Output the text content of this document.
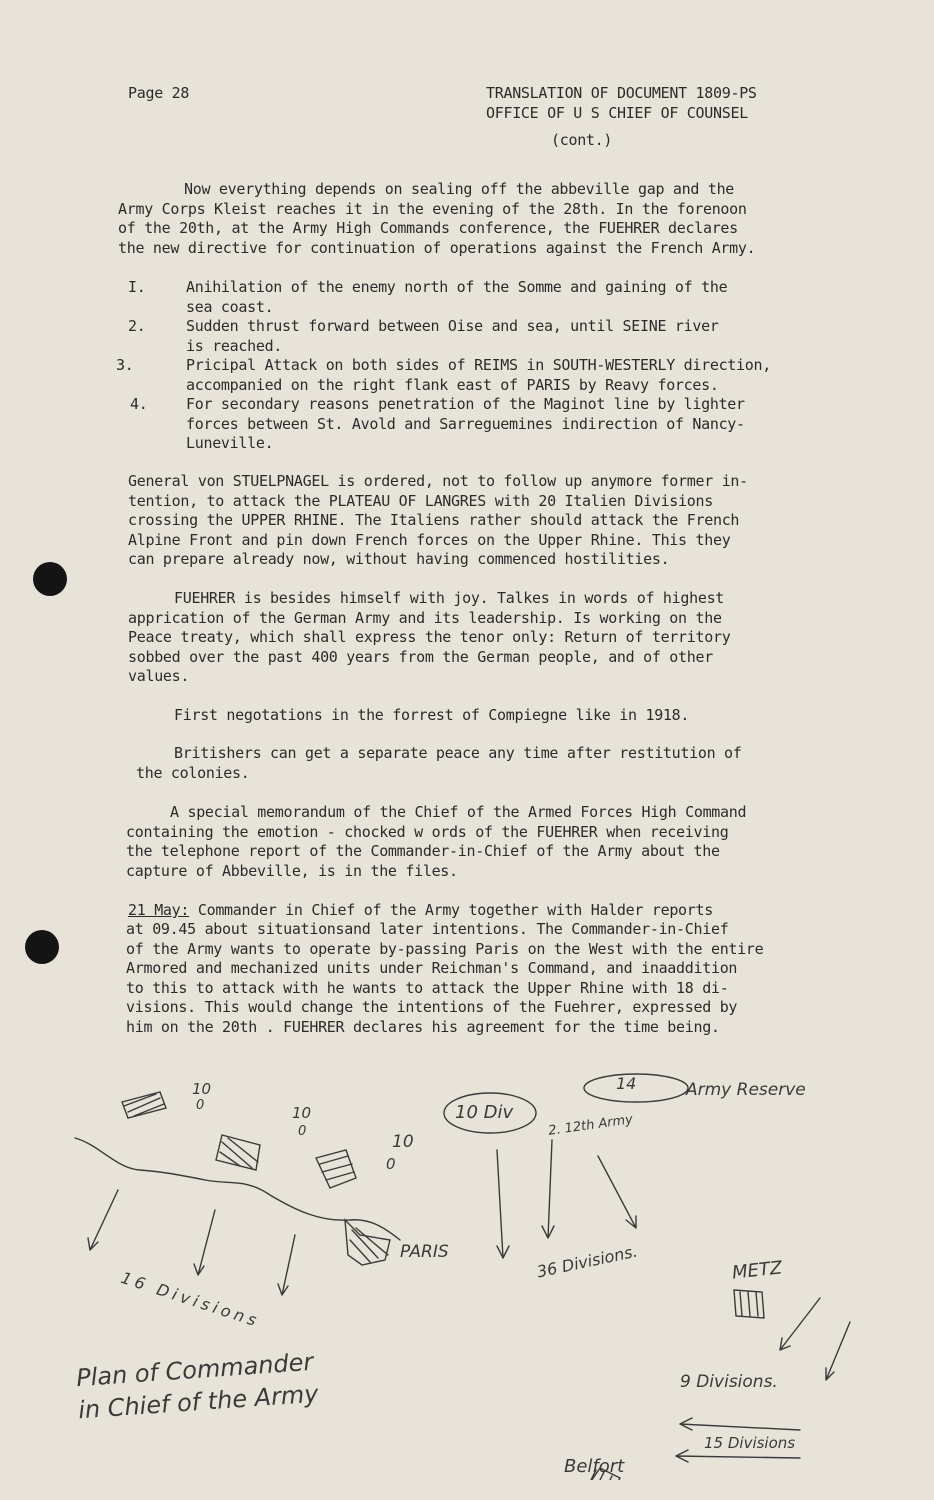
Page 28	TRANSLATION OF DOCUMENT 1809-PS
OFFICE OF U S CHIEF OF COUNSEL
(cont.)
Now everything depends on sealing off the abbeville gap and the
Army Corps Kleist reaches it in the evening of the 28th. In the forenoon
of the 20th, at the Army High Commands conference, the FUEHRER declares
the new directive for continuation of operations against the French Army.
I.	Anihilation of the enemy north of the Somme and gaining of the
sea coast.
2.	Sudden thrust forward between Oise and sea, until SEINE river
is reached.
3.	Pricipal Attack on both sides of REIMS in SOUTH-WESTERLY direction,
accompanied on the right flank east of PARIS by Reavy forces.
4.	For secondary reasons penetration of the Maginot line by lighter
forces between St. Avold and Sarreguemines indirection of Nancy-
Luneville.
General von STUELPNAGEL is ordered, not to follow up anymore former in-
tention, to attack the PLATEAU OF LANGRES with 20 Italien Divisions
crossing the UPPER RHINE. The Italiens rather should attack the French
Alpine Front and pin down French forces on the Upper Rhine. This they
can prepare already now, without having commenced hostilities.
FUEHRER is besides himself with joy. Talkes in words of highest
apprication of the German Army and its leadership. Is working on the
Peace treaty, which shall express the tenor only: Return of territory
sobbed over the past 400 years from the German people, and of other
values.
First negotations in the forrest of Compiegne like in 1918.
Britishers can get a separate peace any time after restitution of
the colonies.
A special memorandum of the Chief of the Armed Forces High Command
containing the emotion - chocked w ords of the FUEHRER when receiving
the telephone report of the Commander-in-Chief of the Army about the
capture of Abbeville, is in the files.
21 May: Commander in Chief of the Army together with Halder reports
at 09.45 about situationsand later intentions. The Commander-in-Chief
of the Army wants to operate by-passing Paris on the West with the entire
Armored and mechanized units under Reichman's Command, and inaaddition
to this to attack with he wants to attack the Upper Rhine with 18 di-
visions. This would change the intentions of the Fuehrer, expressed by
him on the 20th . FUEHRER declares his agreement for the time being.
10
0	10
0
10
0
10 Div
14	Army Reserve
2. 12th Army
PARIS	36 Divisions.
16 Divisions	METZ
9 Divisions.
15 Divisions
Belfort
Plan of Commander
in Chief of the Army
